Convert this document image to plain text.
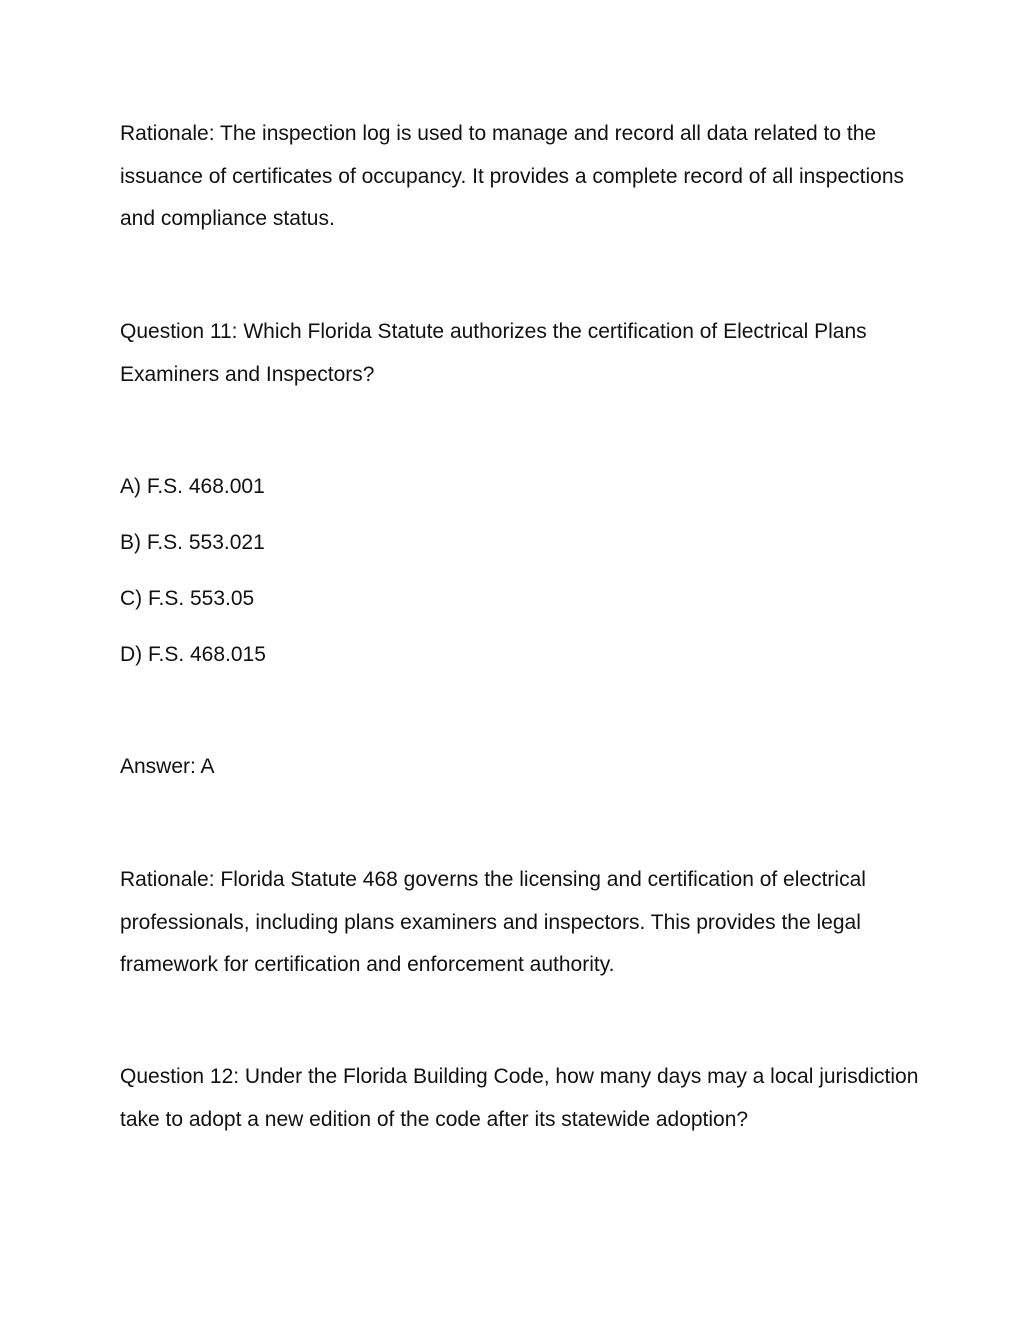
Rationale: The inspection log is used to manage and record all data related to the issuance of certificates of occupancy. It provides a complete record of all inspections and compliance status.

Question 11: Which Florida Statute authorizes the certification of Electrical Plans Examiners and Inspectors?

A) F.S. 468.001

B) F.S. 553.021

C) F.S. 553.05

D) F.S. 468.015

Answer: A

Rationale: Florida Statute 468 governs the licensing and certification of electrical professionals, including plans examiners and inspectors. This provides the legal framework for certification and enforcement authority.

Question 12: Under the Florida Building Code, how many days may a local jurisdiction take to adopt a new edition of the code after its statewide adoption?
